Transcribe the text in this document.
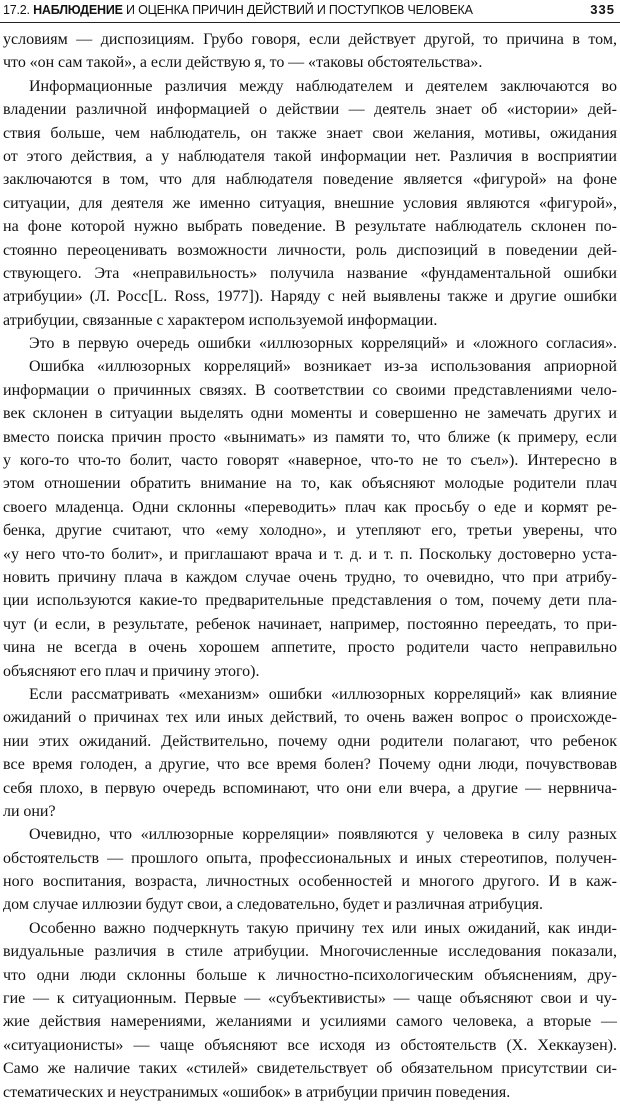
17.2. НАБЛЮДЕНИЕ И ОЦЕНКА ПРИЧИН ДЕЙСТВИЙ И ПОСТУПКОВ ЧЕЛОВЕКА	335
условиям — диспозициям. Грубо говоря, если действует другой, то причина в том,
что «он сам такой», а если действую я, то — «таковы обстоятельства».
Информационные различия между наблюдателем и деятелем заключаются во
владении различной информацией о действии — деятель знает об «истории» дей-
ствия больше, чем наблюдатель, он также знает свои желания, мотивы, ожидания
от этого действия, а у наблюдателя такой информации нет. Различия в восприятии
заключаются в том, что для наблюдателя поведение является «фигурой» на фоне
ситуации, для деятеля же именно ситуация, внешние условия являются «фигурой»,
на фоне которой нужно выбрать поведение. В результате наблюдатель склонен по-
стоянно переоценивать возможности личности, роль диспозиций в поведении дей-
ствующего. Эта «неправильность» получила название «фундаментальной ошибки
атрибуции» (Л. Росс[L. Ross, 1977]). Наряду с ней выявлены также и другие ошибки
атрибуции, связанные с характером используемой информации.
Это в первую очередь ошибки «иллюзорных корреляций» и «ложного согласия».
Ошибка «иллюзорных корреляций» возникает из-за использования априорной
информации о причинных связях. В соответствии со своими представлениями чело-
век склонен в ситуации выделять одни моменты и совершенно не замечать других и
вместо поиска причин просто «вынимать» из памяти то, что ближе (к примеру, если
у кого-то что-то болит, часто говорят «наверное, что-то не то съел»). Интересно в
этом отношении обратить внимание на то, как объясняют молодые родители плач
своего младенца. Одни склонны «переводить» плач как просьбу о еде и кормят ре-
бенка, другие считают, что «ему холодно», и утепляют его, третьи уверены, что
«у него что-то болит», и приглашают врача и т. д. и т. п. Поскольку достоверно уста-
новить причину плача в каждом случае очень трудно, то очевидно, что при атрибу-
ции используются какие-то предварительные представления о том, почему дети пла-
чут (и если, в результате, ребенок начинает, например, постоянно переедать, то при-
чина не всегда в очень хорошем аппетите, просто родители часто неправильно
объясняют его плач и причину этого).
Если рассматривать «механизм» ошибки «иллюзорных корреляций» как влияние
ожиданий о причинах тех или иных действий, то очень важен вопрос о происхожде-
нии этих ожиданий. Действительно, почему одни родители полагают, что ребенок
все время голоден, а другие, что все время болен? Почему одни люди, почувствовав
себя плохо, в первую очередь вспоминают, что они ели вчера, а другие — нервнича-
ли они?
Очевидно, что «иллюзорные корреляции» появляются у человека в силу разных
обстоятельств — прошлого опыта, профессиональных и иных стереотипов, получен-
ного воспитания, возраста, личностных особенностей и многого другого. И в каж-
дом случае иллюзии будут свои, а следовательно, будет и различная атрибуция.
Особенно важно подчеркнуть такую причину тех или иных ожиданий, как инди-
видуальные различия в стиле атрибуции. Многочисленные исследования показали,
что одни люди склонны больше к личностно-психологическим объяснениям, дру-
гие — к ситуационным. Первые — «субъективисты» — чаще объясняют свои и чу-
жие действия намерениями, желаниями и усилиями самого человека, а вторые —
«ситуационисты» — чаще объясняют все исходя из обстоятельств (Х. Хеккаузен).
Само же наличие таких «стилей» свидетельствует об обязательном присутствии си-
стематических и неустранимых «ошибок» в атрибуции причин поведения.
